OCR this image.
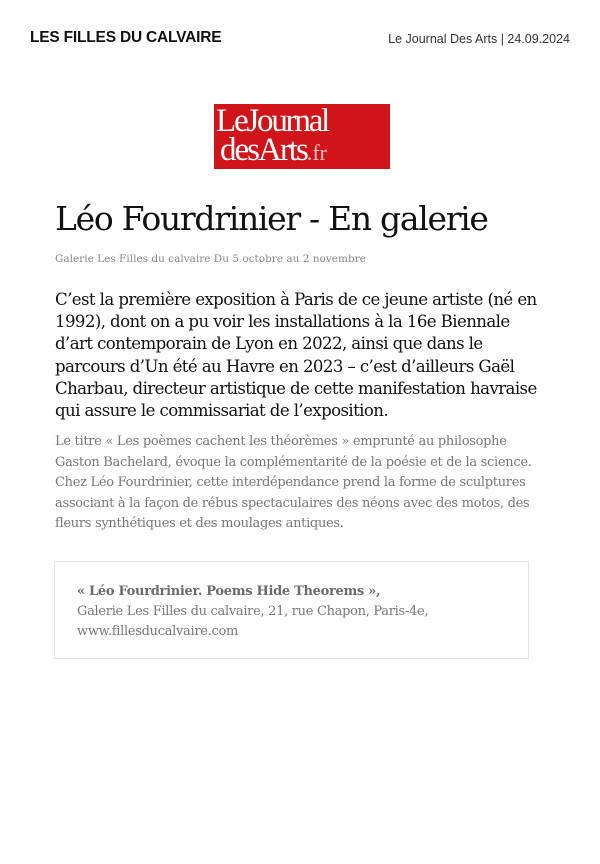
LES FILLES DU CALVAIRE	Le Journal Des Arts | 24.09.2024
LeJournal
desArts.fr
Léo Fourdrinier - En galerie
Galerie Les Filles du calvaire Du 5 octobre au 2 novembre

C’est la première exposition à Paris de ce jeune artiste (né en 1992), dont on a pu voir les installations à la 16e Biennale d’art contemporain de Lyon en 2022, ainsi que dans le parcours d’Un été au Havre en 2023 – c’est d’ailleurs Gaël Charbau, directeur artistique de cette manifestation havraise qui assure le commissariat de l’exposition.

Le titre « Les poèmes cachent les théorèmes » emprunté au philosophe Gaston Bachelard, évoque la complémentarité de la poésie et de la science. Chez Léo Fourdrinier, cette interdépendance prend la forme de sculptures associant à la façon de rébus spectaculaires des néons avec des motos, des fleurs synthétiques et des moulages antiques.

« Léo Fourdrinier. Poems Hide Theorems »,

Galerie Les Filles du calvaire, 21, rue Chapon, Paris-4e,

www.fillesducalvaire.com
